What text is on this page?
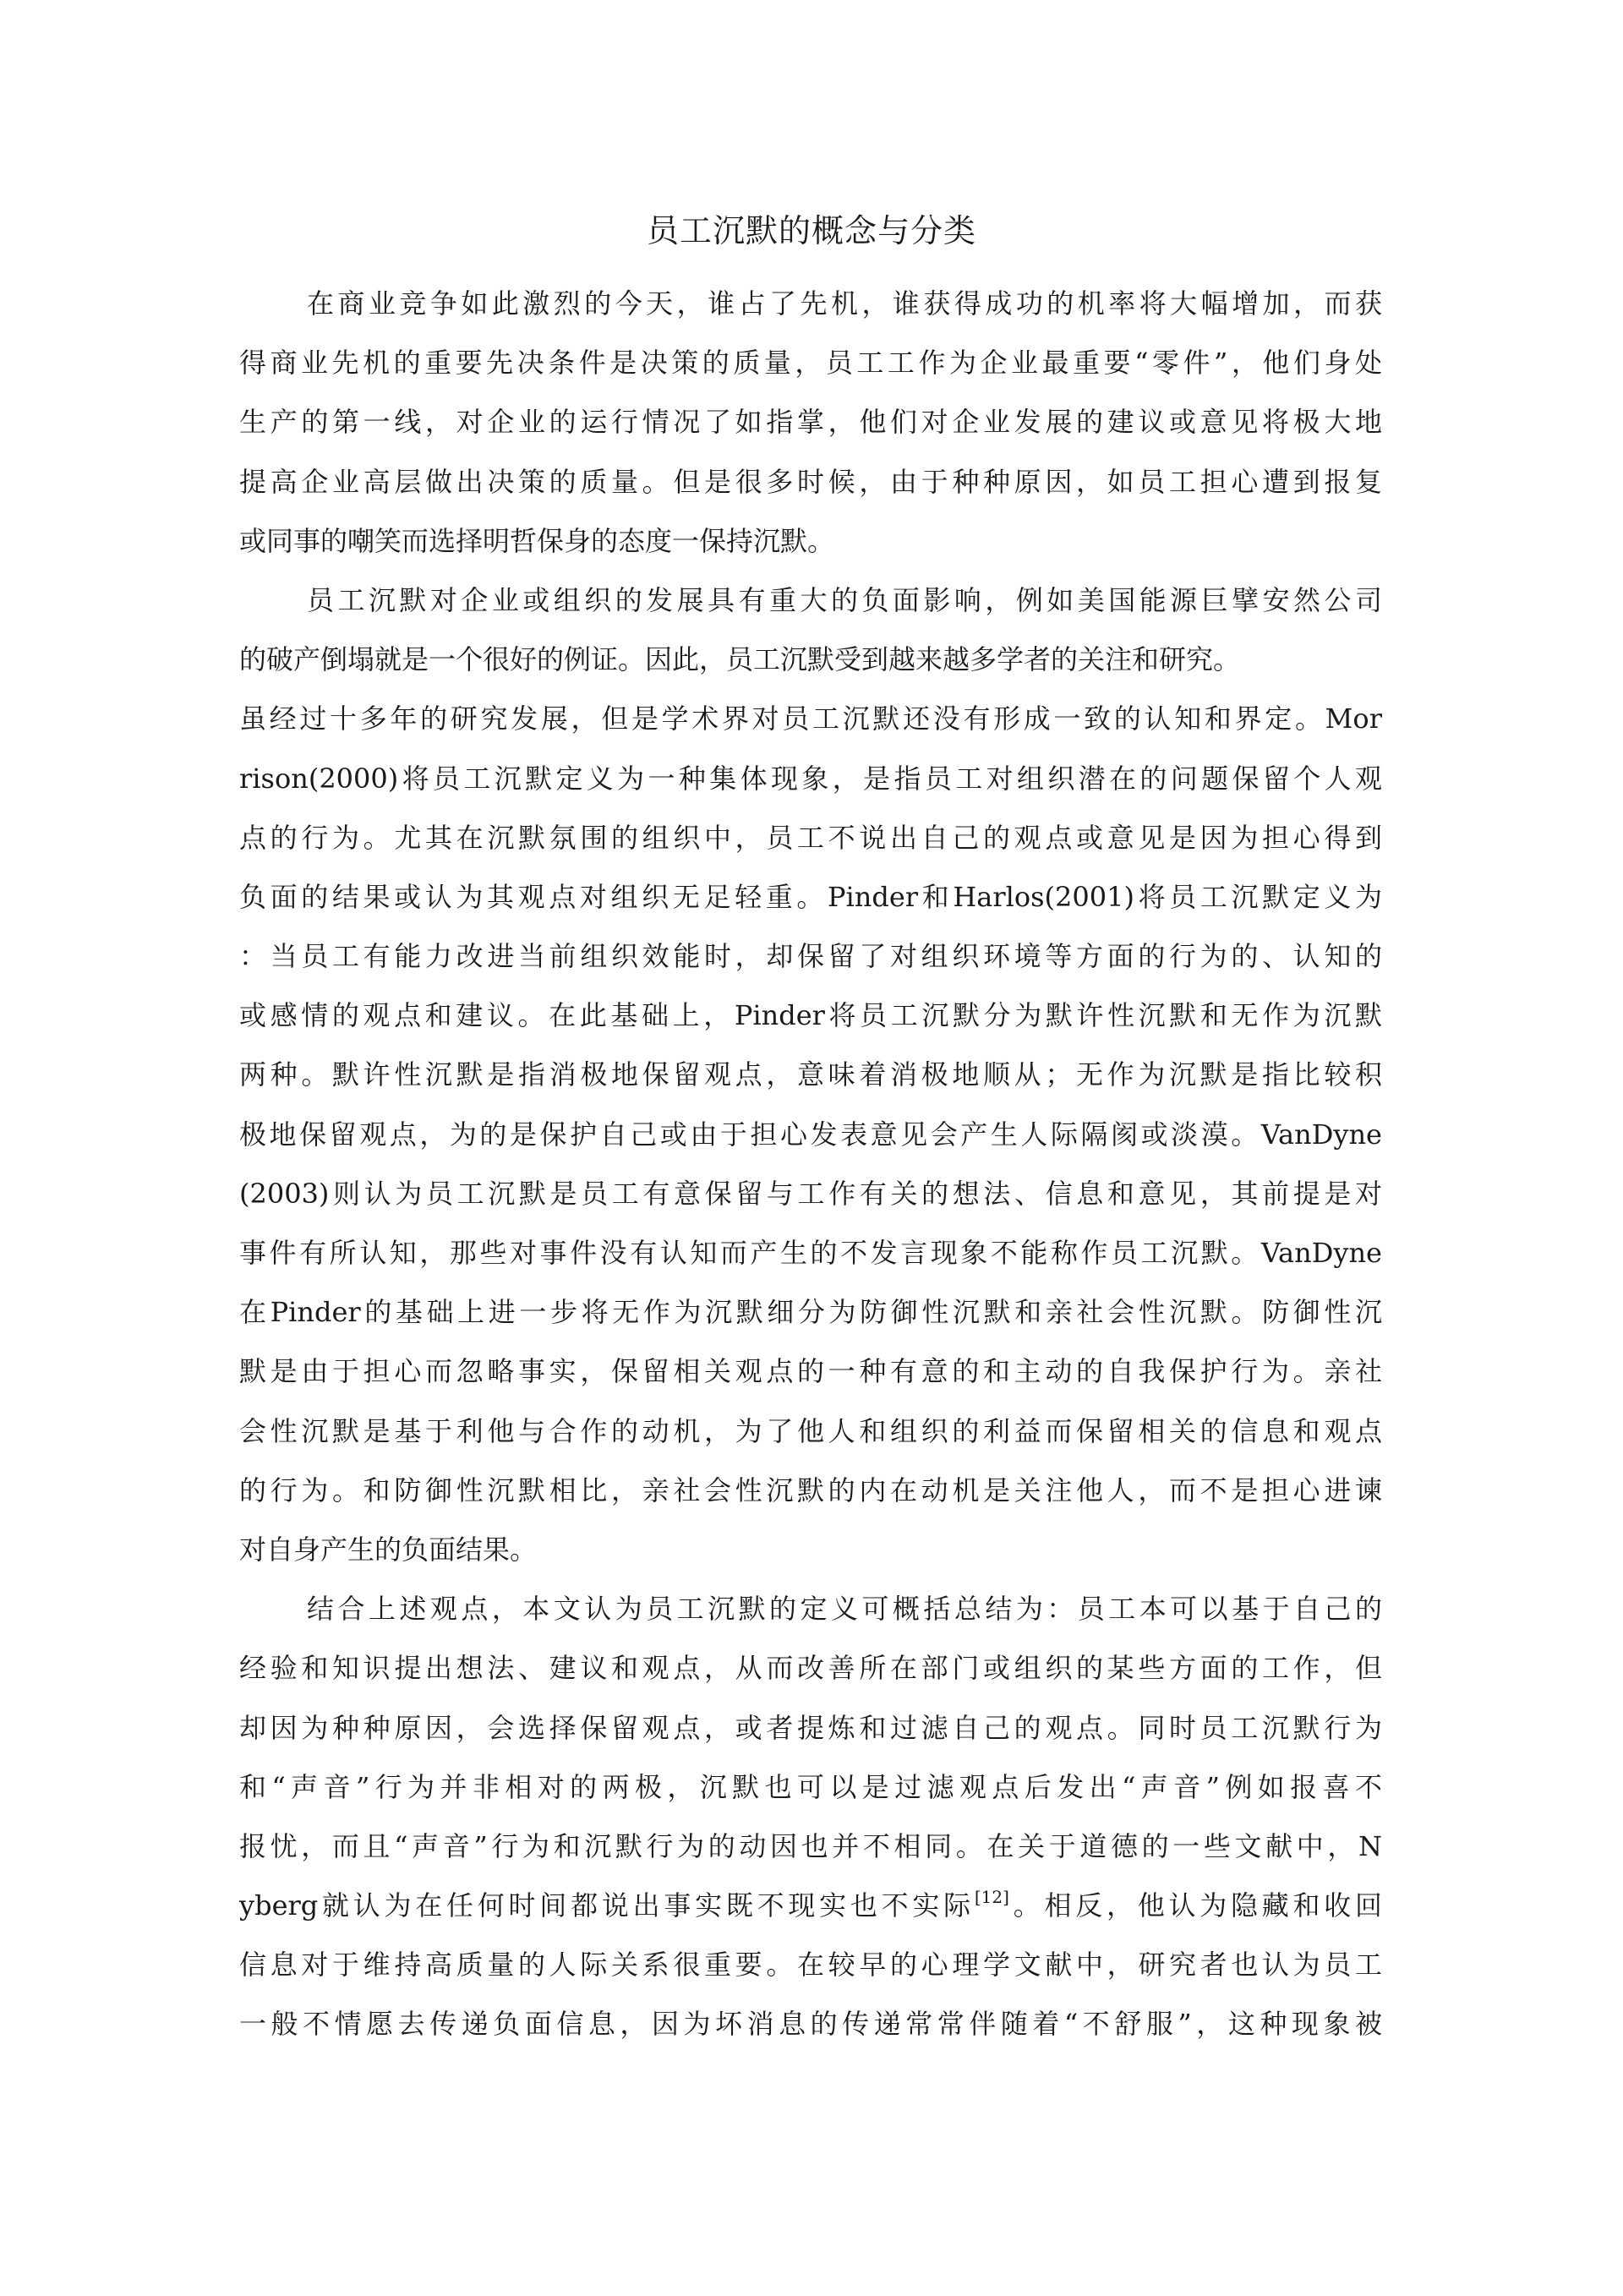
员工沉默的概念与分类
在商业竞争如此激烈的今天，谁占了先机，谁获得成功的机率将大幅增加，而获
得商业先机的重要先决条件是决策的质量，员工工作为企业最重要“零件”，他们身处
生产的第一线，对企业的运行情况了如指掌，他们对企业发展的建议或意见将极大地
提高企业高层做出决策的质量。但是很多时候，由于种种原因，如员工担心遭到报复
或同事的嘲笑而选择明哲保身的态度一保持沉默。
员工沉默对企业或组织的发展具有重大的负面影响，例如美国能源巨擘安然公司
的破产倒塌就是一个很好的例证。因此，员工沉默受到越来越多学者的关注和研究。
虽经过十多年的研究发展，但是学术界对员工沉默还没有形成一致的认知和界定。Mor
rison(2000)将员工沉默定义为一种集体现象，是指员工对组织潜在的问题保留个人观
点的行为。尤其在沉默氛围的组织中，员工不说出自己的观点或意见是因为担心得到
负面的结果或认为其观点对组织无足轻重。Pinder和Harlos(2001)将员工沉默定义为
：当员工有能力改进当前组织效能时，却保留了对组织环境等方面的行为的、认知的
或感情的观点和建议。在此基础上，Pinder将员工沉默分为默许性沉默和无作为沉默
两种。默许性沉默是指消极地保留观点，意味着消极地顺从；无作为沉默是指比较积
极地保留观点，为的是保护自己或由于担心发表意见会产生人际隔阂或淡漠。VanDyne
(2003)则认为员工沉默是员工有意保留与工作有关的想法、信息和意见，其前提是对
事件有所认知，那些对事件没有认知而产生的不发言现象不能称作员工沉默。VanDyne
在Pinder的基础上进一步将无作为沉默细分为防御性沉默和亲社会性沉默。防御性沉
默是由于担心而忽略事实，保留相关观点的一种有意的和主动的自我保护行为。亲社
会性沉默是基于利他与合作的动机，为了他人和组织的利益而保留相关的信息和观点
的行为。和防御性沉默相比，亲社会性沉默的内在动机是关注他人，而不是担心进谏
对自身产生的负面结果。
结合上述观点，本文认为员工沉默的定义可概括总结为：员工本可以基于自己的
经验和知识提出想法、建议和观点，从而改善所在部门或组织的某些方面的工作，但
却因为种种原因，会选择保留观点，或者提炼和过滤自己的观点。同时员工沉默行为
和“声音”行为并非相对的两极，沉默也可以是过滤观点后发出“声音”例如报喜不
报忧，而且“声音”行为和沉默行为的动因也并不相同。在关于道德的一些文献中，N
yberg就认为在任何时间都说出事实既不现实也不实际[12]。相反，他认为隐藏和收回
信息对于维持高质量的人际关系很重要。在较早的心理学文献中，研究者也认为员工
一般不情愿去传递负面信息，因为坏消息的传递常常伴随着“不舒服”，这种现象被
